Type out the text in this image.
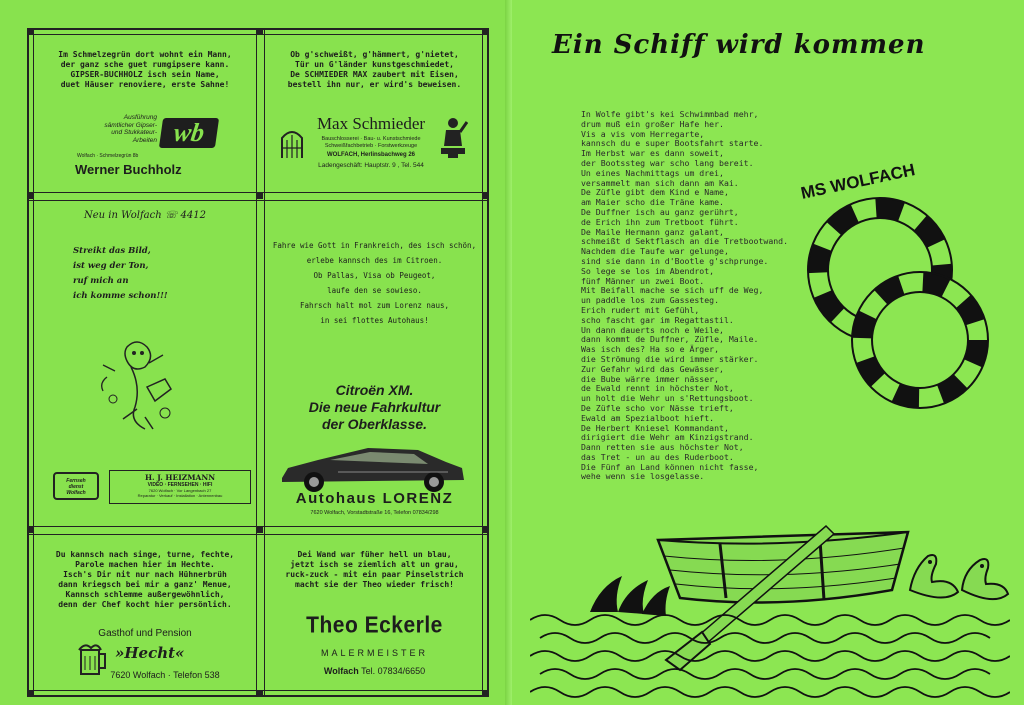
Im Schmelzegrün dort wohnt ein Mann,
der ganz sche guet rumgipsere kann.
GIPSER-BUCHHOLZ isch sein Name,
duet Häuser renoviere, erste Sahne!
Ausführung
sämtlicher Gipser-
und Stukkateur-
Arbeiten wb
Wolfach · Schmelzegrün 8b
Werner Buchholz
Ob g'schweißt, g'hämmert, g'nietet,
Tür un G'länder kunstgeschmiedet,
De SCHMIEDER MAX zaubert mit Eisen,
bestell ihn nur, er wird's beweisen.
Max Schmieder
Bauschlosserei · Bau- u. Kunstschmiede
Schweißfachbetrieb · Forstwerkzeuge
WOLFACH, Herlinsbachweg 26
Ladengeschäft: Hauptstr. 9 , Tel. 544
Neu in Wolfach ☏ 4412
Streikt das Bild,
ist weg der Ton,
ruf mich an
ich komme schon!!!
Fernseh
dienst
Wolfach
H. J. HEIZMANN
VIDEO · FERNSEHEN · HIFI
7620 Wolfach · Vor Langenbach 27
Reparatur · Verkauf · Installation · Antennenbau
Fahre wie Gott in Frankreich, des isch schön,
erlebe kannsch des im Citroen.
Ob Pallas, Visa ob Peugeot,
laufe den se sowieso.
Fahrsch halt mol zum Lorenz naus,
in sei flottes Autohaus!
Citroën XM.
Die neue Fahrkultur
der Oberklasse.
Autohaus LORENZ
7620 Wolfach, Vorstadtstraße 16, Telefon 07834/298
Du kannsch nach singe, turne, fechte,
Parole machen hier im Hechte.
Isch's Dir nit nur nach Hühnerbrüh
dann kriegsch bei mir a ganz' Menue,
Kannsch schlemme außergewöhnlich,
denn der Chef kocht hier persönlich.
Gasthof und Pension
»Hecht«
7620 Wolfach · Telefon 538
Dei Wand war füher hell un blau,
jetzt isch se ziemlich alt un grau,
ruck-zuck - mit ein paar Pinselstrich
macht sie der Theo wieder frisch!
Theo Eckerle
MALERMEISTER
Wolfach Tel. 07834/6650
Ein Schiff wird kommen
In Wolfe gibt's kei Schwimmbad mehr,
drum muß ein großer Hafe her.
Vis a vis vom Herregarte,
kannsch du e super Bootsfahrt starte.
Im Herbst war es dann soweit,
der Bootssteg war scho lang bereit.
Un eines Nachmittags um drei,
versammelt man sich dann am Kai.
De Züfle gibt dem Kind e Name,
am Maier scho die Träne kame.
De Duffner isch au ganz gerührt,
de Erich ihn zum Tretboot führt.
De Maile Hermann ganz galant,
schmeißt d Sektflasch an die Tretbootwand.
Nachdem die Taufe war gelunge,
sind sie dann in d'Bootle g'schprunge.
So lege se los im Abendrot,
fünf Männer un zwei Boot.
Mit Beifall mache se sich uff de Weg,
un paddle los zum Gassesteg.
Erich rudert mit Gefühl,
scho fascht gar im Regattastil.
Un dann dauerts noch e Weile,
dann kommt de Duffner, Züfle, Maile.
Was isch des? Ha so e Ärger,
die Strömung die wird immer stärker.
Zur Gefahr wird das Gewässer,
die Bube wärre immer nässer,
de Ewald rennt in höchster Not,
un holt die Wehr un s'Rettungsboot.
De Züfle scho vor Nässe trieft,
Ewald am Spezialboot hieft.
De Herbert Kniesel Kommandant,
dirigiert die Wehr am Kinzigstrand.
Dann retten sie aus höchster Not,
das Tret - un au des Ruderboot.
Die Fünf an Land können nicht fasse,
wehe wenn sie losgelasse.
MS WOLFACH
